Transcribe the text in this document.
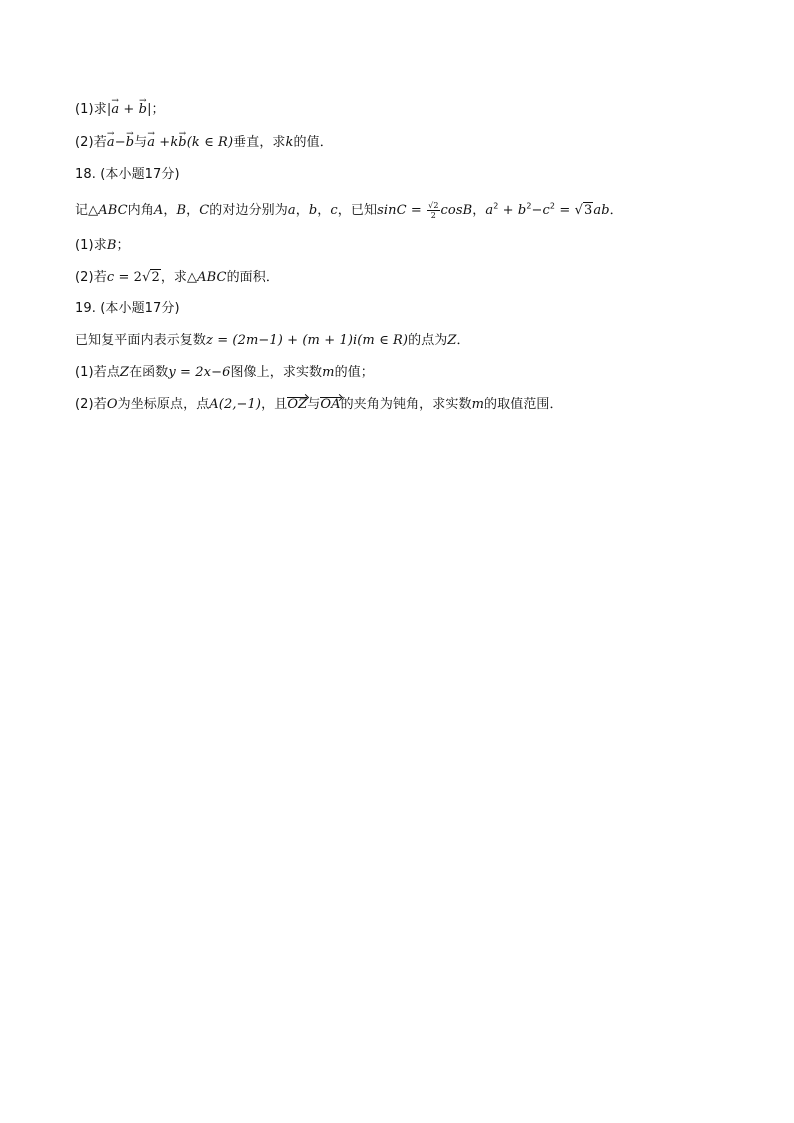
(1)求|→ a + → b|；
(2)若→ a−→ b与→ a +k→ b(k ∈ R)垂直，求k的值．
18. (本小题17分)
记△ABC内角A，B，C的对边分别为a，b，c，已知$\sin C = \frac{√2}{2}$ cosB，$a^2 + b^2-c^2 = √3ab$．
(1)求B；
(2)若c = 2√2，求△ABC的面积．
19. (本小题17分)
已知复平面内表示复数z = (2m−1) + (m + 1)i(m ∈ R)的点为Z．
(1)若点Z在函数y = 2x−6图像上，求实数m的值；
(2)若O为坐标原点，点A(2,−1)，且OZ与OA的夹角为钝角，求实数m的取值范围．
